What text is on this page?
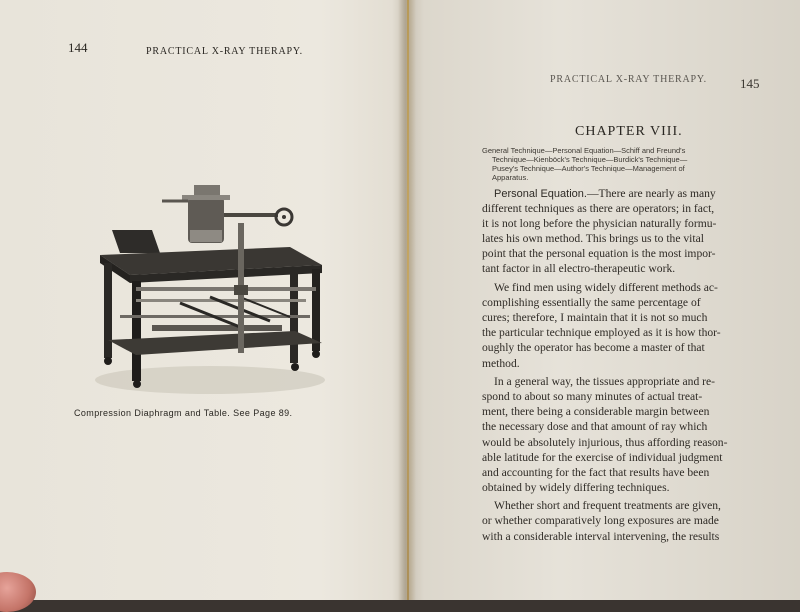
144	PRACTICAL X-RAY THERAPY.
Compression Diaphragm and Table. See Page 89.
PRACTICAL X-RAY THERAPY.	145
CHAPTER VIII.
General Technique—Personal Equation—Schiff and Freund's
Technique—Kienböck's Technique—Burdick's Technique—
Pusey's Technique—Author's Technique—Management of
Apparatus.
Personal Equation.—There are nearly as many
different techniques as there are operators; in fact,
it is not long before the physician naturally formu-
lates his own method. This brings us to the vital
point that the personal equation is the most impor-
tant factor in all electro-therapeutic work.
We find men using widely different methods ac-
complishing essentially the same percentage of
cures; therefore, I maintain that it is not so much
the particular technique employed as it is how thor-
oughly the operator has become a master of that
method.
In a general way, the tissues appropriate and re-
spond to about so many minutes of actual treat-
ment, there being a considerable margin between
the necessary dose and that amount of ray which
would be absolutely injurious, thus affording reason-
able latitude for the exercise of individual judgment
and accounting for the fact that results have been
obtained by widely differing techniques.
Whether short and frequent treatments are given,
or whether comparatively long exposures are made
with a considerable interval intervening, the results
